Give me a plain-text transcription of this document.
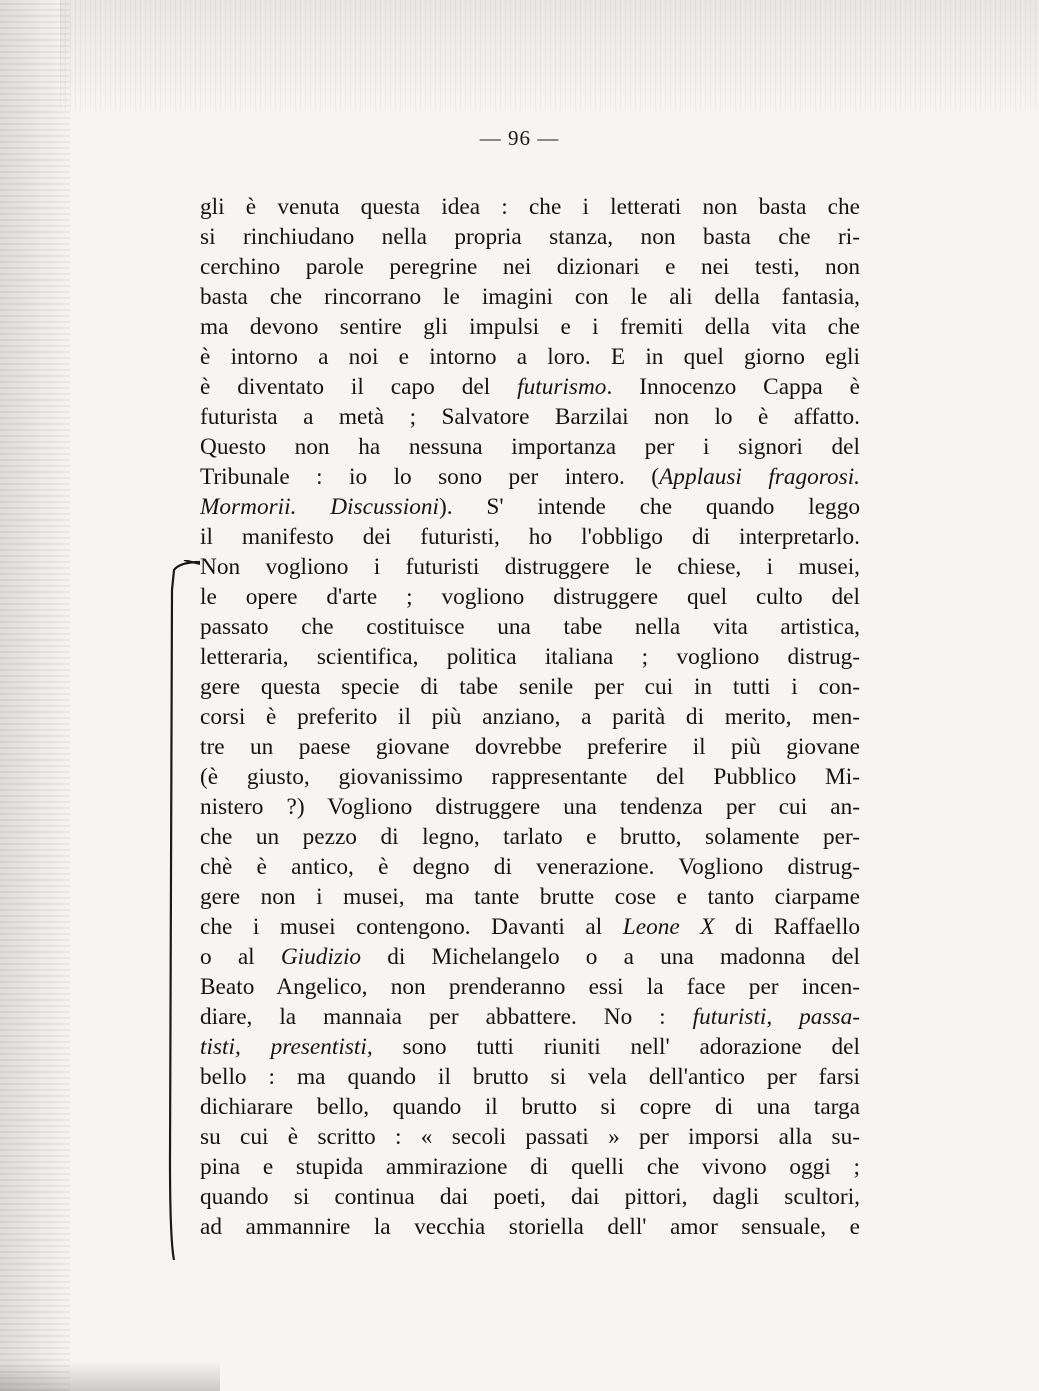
— 96 —
gli è venuta questa idea : che i letterati non basta che
si rinchiudano nella propria stanza, non basta che ri-
cerchino parole peregrine nei dizionari e nei testi, non
basta che rincorrano le imagini con le ali della fantasia,
ma devono sentire gli impulsi e i fremiti della vita che
è intorno a noi e intorno a loro. E in quel giorno egli
è diventato il capo del futurismo. Innocenzo Cappa è
futurista a metà ; Salvatore Barzilai non lo è affatto.
Questo non ha nessuna importanza per i signori del
Tribunale : io lo sono per intero. (Applausi fragorosi.
Mormorii. Discussioni). S' intende che quando leggo
il manifesto dei futuristi, ho l'obbligo di interpretarlo.
Non vogliono i futuristi distruggere le chiese, i musei,
le opere d'arte ; vogliono distruggere quel culto del
passato che costituisce una tabe nella vita artistica,
letteraria, scientifica, politica italiana ; vogliono distrug-
gere questa specie di tabe senile per cui in tutti i con-
corsi è preferito il più anziano, a parità di merito, men-
tre un paese giovane dovrebbe preferire il più giovane
(è giusto, giovanissimo rappresentante del Pubblico Mi-
nistero ?) Vogliono distruggere una tendenza per cui an-
che un pezzo di legno, tarlato e brutto, solamente per-
chè è antico, è degno di venerazione. Vogliono distrug-
gere non i musei, ma tante brutte cose e tanto ciarpame
che i musei contengono. Davanti al Leone X di Raffaello
o al Giudizio di Michelangelo o a una madonna del
Beato Angelico, non prenderanno essi la face per incen-
diare, la mannaia per abbattere. No : futuristi, passa-
tisti, presentisti, sono tutti riuniti nell' adorazione del
bello : ma quando il brutto si vela dell'antico per farsi
dichiarare bello, quando il brutto si copre di una targa
su cui è scritto : « secoli passati » per imporsi alla su-
pina e stupida ammirazione di quelli che vivono oggi ;
quando si continua dai poeti, dai pittori, dagli scultori,
ad ammannire la vecchia storiella dell' amor sensuale, e
